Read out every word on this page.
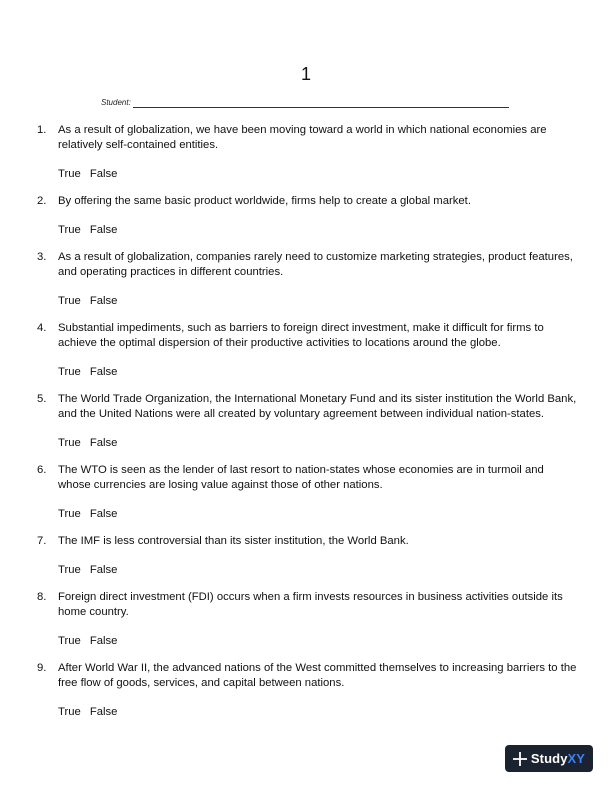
1
Student:
1.	As a result of globalization, we have been moving toward a world in which national economies are relatively self-contained entities.
True False
2.	By offering the same basic product worldwide, firms help to create a global market.
True False
3.	As a result of globalization, companies rarely need to customize marketing strategies, product features, and operating practices in different countries.
True False
4.	Substantial impediments, such as barriers to foreign direct investment, make it difficult for firms to achieve the optimal dispersion of their productive activities to locations around the globe.
True False
5.	The World Trade Organization, the International Monetary Fund and its sister institution the World Bank, and the United Nations were all created by voluntary agreement between individual nation-states.
True False
6.	The WTO is seen as the lender of last resort to nation-states whose economies are in turmoil and whose currencies are losing value against those of other nations.
True False
7.	The IMF is less controversial than its sister institution, the World Bank.
True False
8.	Foreign direct investment (FDI) occurs when a firm invests resources in business activities outside its home country.
True False
9.	After World War II, the advanced nations of the West committed themselves to increasing barriers to the free flow of goods, services, and capital between nations.
True False
StudyXY
